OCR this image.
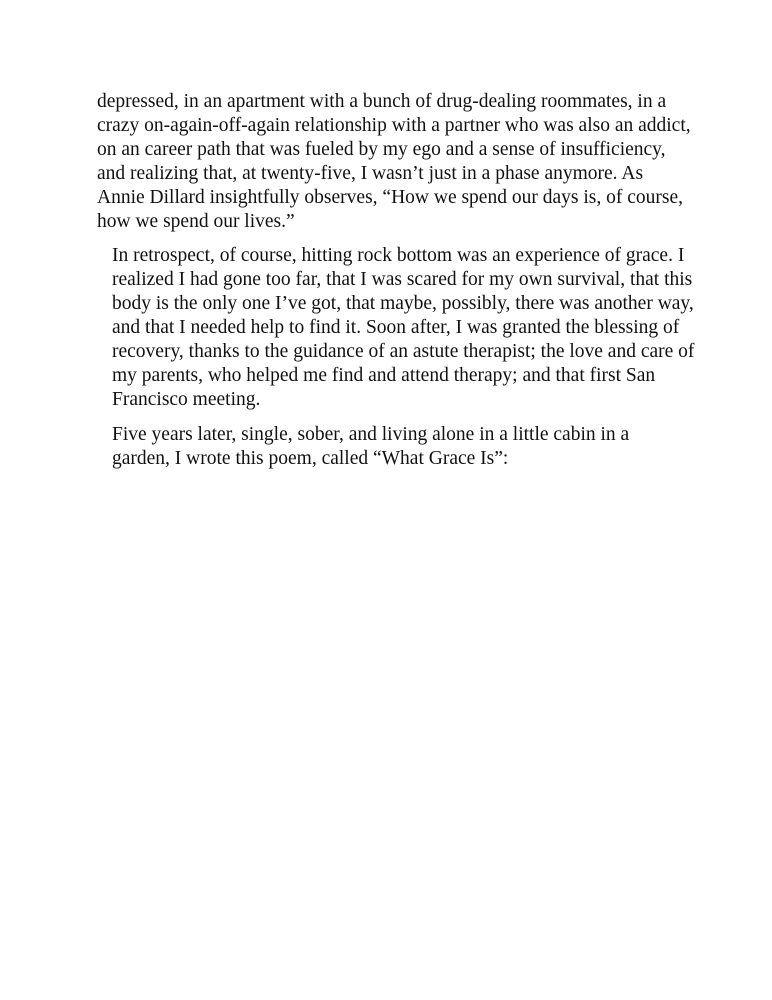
depressed, in an apartment with a bunch of drug-dealing roommates, in a
crazy on-again-off-again relationship with a partner who was also an addict,
on an career path that was fueled by my ego and a sense of insufficiency,
and realizing that, at twenty-five, I wasn’t just in a phase anymore. As
Annie Dillard insightfully observes, “How we spend our days is, of course,
how we spend our lives.”

In retrospect, of course, hitting rock bottom was an experience of grace. I
realized I had gone too far, that I was scared for my own survival, that this
body is the only one I’ve got, that maybe, possibly, there was another way,
and that I needed help to find it. Soon after, I was granted the blessing of
recovery, thanks to the guidance of an astute therapist; the love and care of
my parents, who helped me find and attend therapy; and that first San
Francisco meeting.

Five years later, single, sober, and living alone in a little cabin in a
garden, I wrote this poem, called “What Grace Is”:
